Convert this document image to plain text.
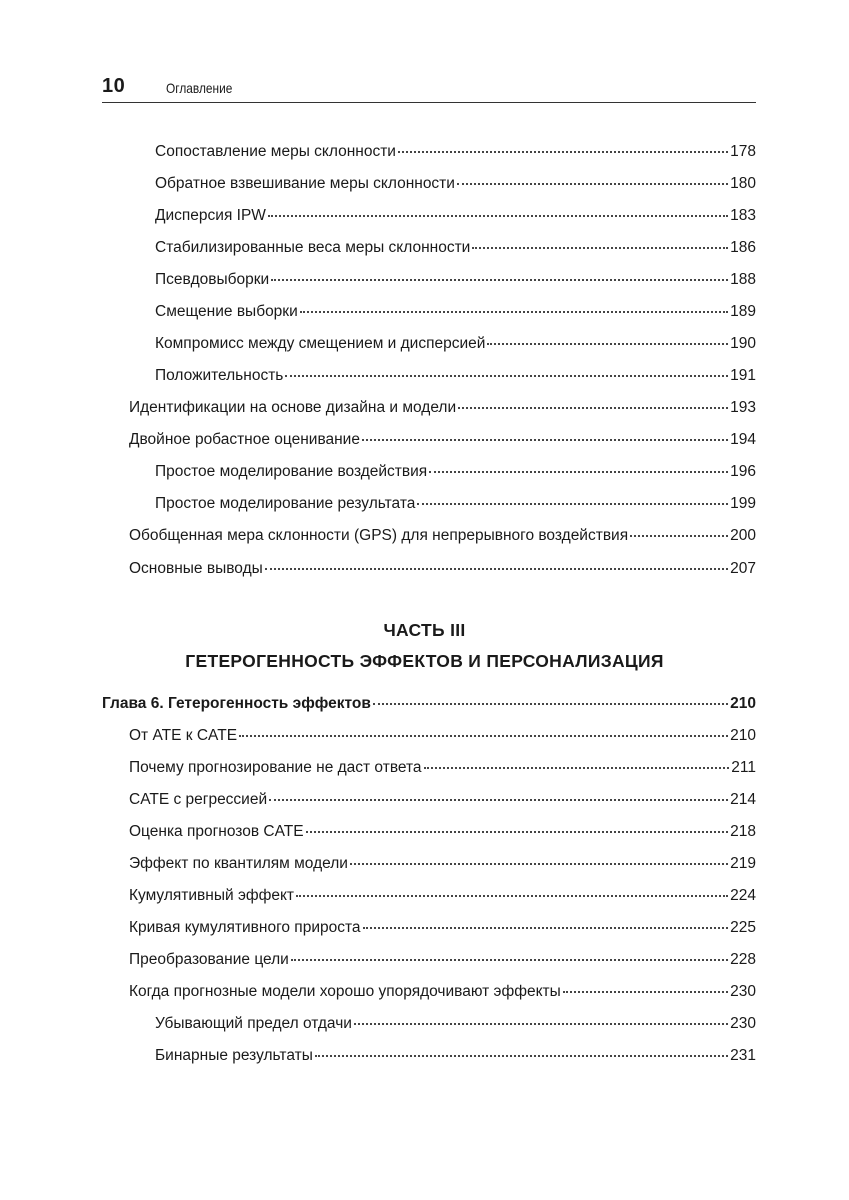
10	Оглавление
Сопоставление меры склонности	178
Обратное взвешивание меры склонности	180
Дисперсия IPW	183
Стабилизированные веса меры склонности	186
Псевдовыборки	188
Смещение выборки	189
Компромисс между смещением и дисперсией	190
Положительность	191
Идентификации на основе дизайна и модели	193
Двойное робастное оценивание	194
Простое моделирование воздействия	196
Простое моделирование результата	199
Обобщенная мера склонности (GPS) для непрерывного воздействия	200
Основные выводы	207
ЧАСТЬ III
ГЕТЕРОГЕННОСТЬ ЭФФЕКТОВ И ПЕРСОНАЛИЗАЦИЯ
Глава 6. Гетерогенность эффектов	210
От ATE к CATE	210
Почему прогнозирование не даст ответа	211
CATE с регрессией	214
Оценка прогнозов CATE	218
Эффект по квантилям модели	219
Кумулятивный эффект	224
Кривая кумулятивного прироста	225
Преобразование цели	228
Когда прогнозные модели хорошо упорядочивают эффекты	230
Убывающий предел отдачи	230
Бинарные результаты	231
